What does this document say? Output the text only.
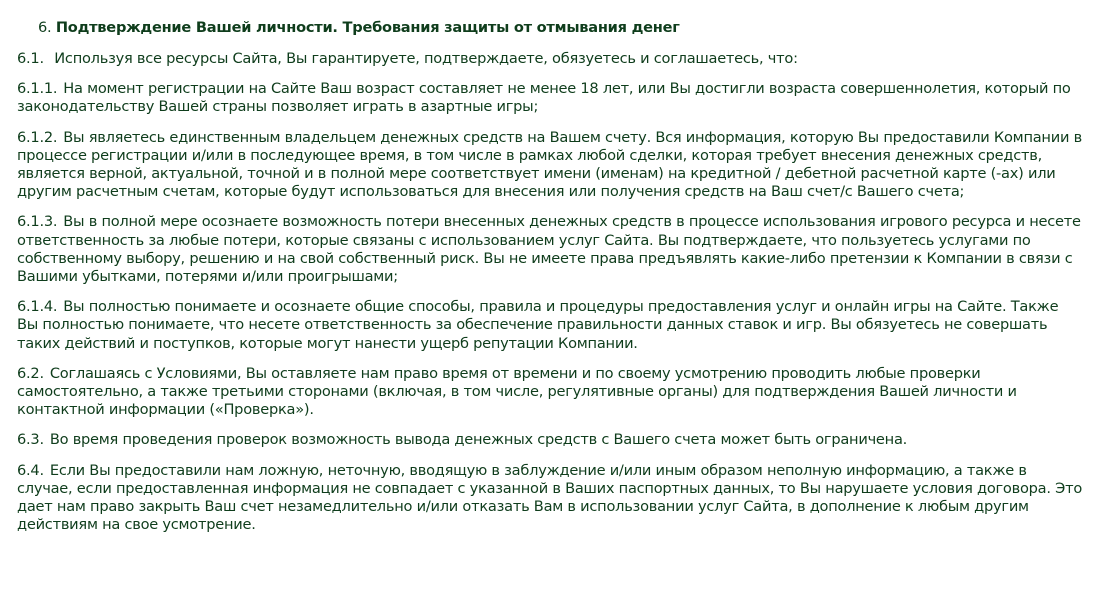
6. Подтверждение Вашей личности. Требования защиты от отмывания денег

6.1. Используя все ресурсы Сайта, Вы гарантируете, подтверждаете, обязуетесь и соглашаетесь, что:

6.1.1. На момент регистрации на Сайте Ваш возраст составляет не менее 18 лет, или Вы достигли возраста совершеннолетия, который по законодательству Вашей страны позволяет играть в азартные игры;

6.1.2. Вы являетесь единственным владельцем денежных средств на Вашем счету. Вся информация, которую Вы предоставили Компании в процессе регистрации и/или в последующее время, в том числе в рамках любой сделки, которая требует внесения денежных средств, является верной, актуальной, точной и в полной мере соответствует имени (именам) на кредитной / дебетной расчетной карте (-ах) или другим расчетным счетам, которые будут использоваться для внесения или получения средств на Ваш счет/с Вашего счета;

6.1.3. Вы в полной мере осознаете возможность потери внесенных денежных средств в процессе использования игрового ресурса и несете ответственность за любые потери, которые связаны с использованием услуг Сайта. Вы подтверждаете, что пользуетесь услугами по собственному выбору, решению и на свой собственный риск. Вы не имеете права предъявлять какие-либо претензии к Компании в связи с Вашими убытками, потерями и/или проигрышами;

6.1.4. Вы полностью понимаете и осознаете общие способы, правила и процедуры предоставления услуг и онлайн игры на Сайте. Также Вы полностью понимаете, что несете ответственность за обеспечение правильности данных ставок и игр. Вы обязуетесь не совершать таких действий и поступков, которые могут нанести ущерб репутации Компании.

6.2. Соглашаясь с Условиями, Вы оставляете нам право время от времени и по своему усмотрению проводить любые проверки самостоятельно, а также третьими сторонами (включая, в том числе, регулятивные органы) для подтверждения Вашей личности и контактной информации («Проверка»).

6.3. Во время проведения проверок возможность вывода денежных средств с Вашего счета может быть ограничена.

6.4. Если Вы предоставили нам ложную, неточную, вводящую в заблуждение и/или иным образом неполную информацию, а также в случае, если предоставленная информация не совпадает с указанной в Ваших паспортных данных, то Вы нарушаете условия договора. Это дает нам право закрыть Ваш счет незамедлительно и/или отказать Вам в использовании услуг Сайта, в дополнение к любым другим действиям на свое усмотрение.
